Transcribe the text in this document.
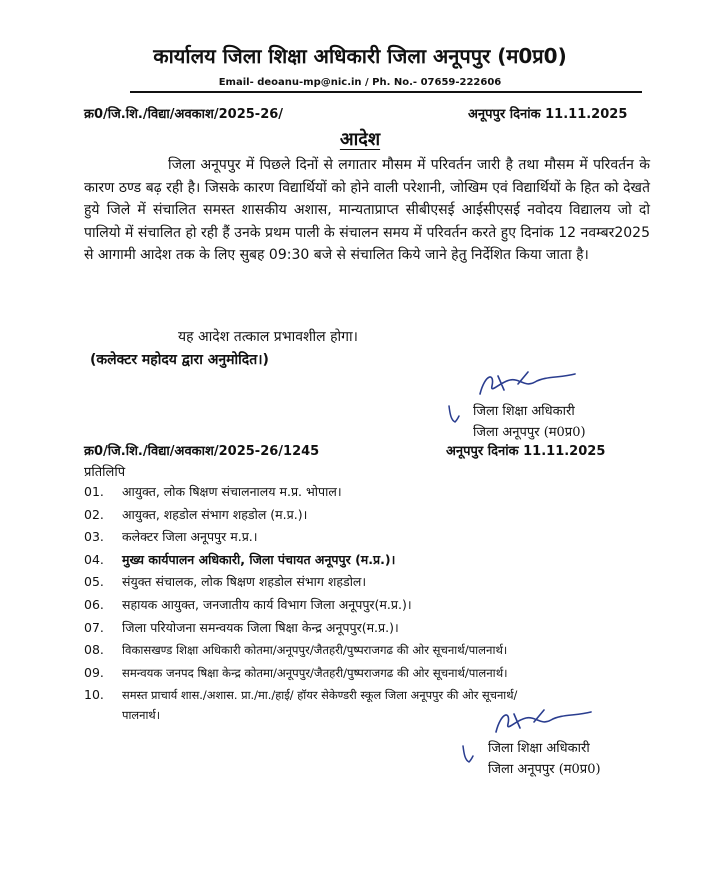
कार्यालय जिला शिक्षा अधिकारी जिला अनूपपुर (म0प्र0)
Email- deoanu-mp@nic.in / Ph. No.- 07659-222606
क्र0/जि.शि./विद्या/अवकाश/2025-26/	अनूपपुर दिनांक 11.11.2025
आदेश

जिला अनूपपुर में पिछले दिनों से लगातार मौसम में परिवर्तन जारी है तथा मौसम में परिवर्तन के कारण ठण्ड बढ़ रही है। जिसके कारण विद्यार्थियों को होने वाली परेशानी, जोखिम एवं विद्यार्थियों के हित को देखते हुये जिले में संचालित समस्त शासकीय अशास, मान्यताप्राप्त सीबीएसई आईसीएसई नवोदय विद्यालय जो दो पालियो में संचालित हो रही हैं उनके प्रथम पाली के संचालन समय में परिवर्तन करते हुए दिनांक 12 नवम्बर2025 से आगामी आदेश तक के लिए सुबह 09:30 बजे से संचालित किये जाने हेतु निर्देशित किया जाता है।

यह आदेश तत्काल प्रभावशील होगा।
(कलेक्टर महोदय द्वारा अनुमोदित।)
जिला शिक्षा अधिकारी
जिला अनूपपुर (म0प्र0)
क्र0/जि.शि./विद्या/अवकाश/2025-26/1245	अनूपपुर दिनांक 11.11.2025
प्रतिलिपि
01. आयुक्त, लोक षिक्षण संचालनालय म.प्र. भोपाल।
02. आयुक्त, शहडोल संभाग शहडोल (म.प्र.)।
03. कलेक्टर जिला अनूपपुर म.प्र.।
04. मुख्य कार्यपालन अधिकारी, जिला पंचायत अनूपपुर (म.प्र.)।
05. संयुक्त संचालक, लोक षिक्षण शहडोल संभाग शहडोल।
06. सहायक आयुक्त, जनजातीय कार्य विभाग जिला अनूपपुर(म.प्र.)।
07. जिला परियोजना समन्वयक जिला षिक्षा केन्द्र अनूपपुर(म.प्र.)।
08. विकासखण्ड शिक्षा अधिकारी कोतमा/अनूपपुर/जैतहरी/पुष्पराजगढ की ओर सूचनार्थ/पालनार्थ।
09. समन्वयक जनपद षिक्षा केन्द्र कोतमा/अनूपपुर/जैतहरी/पुष्पराजगढ की ओर सूचनार्थ/पालनार्थ।
10. समस्त प्राचार्य शास./अशास. प्रा./मा./हाई/ हॉयर सेकेण्डरी स्कूल जिला अनूपपुर की ओर सूचनार्थ/
पालनार्थ।
जिला शिक्षा अधिकारी
जिला अनूपपुर (म0प्र0)
